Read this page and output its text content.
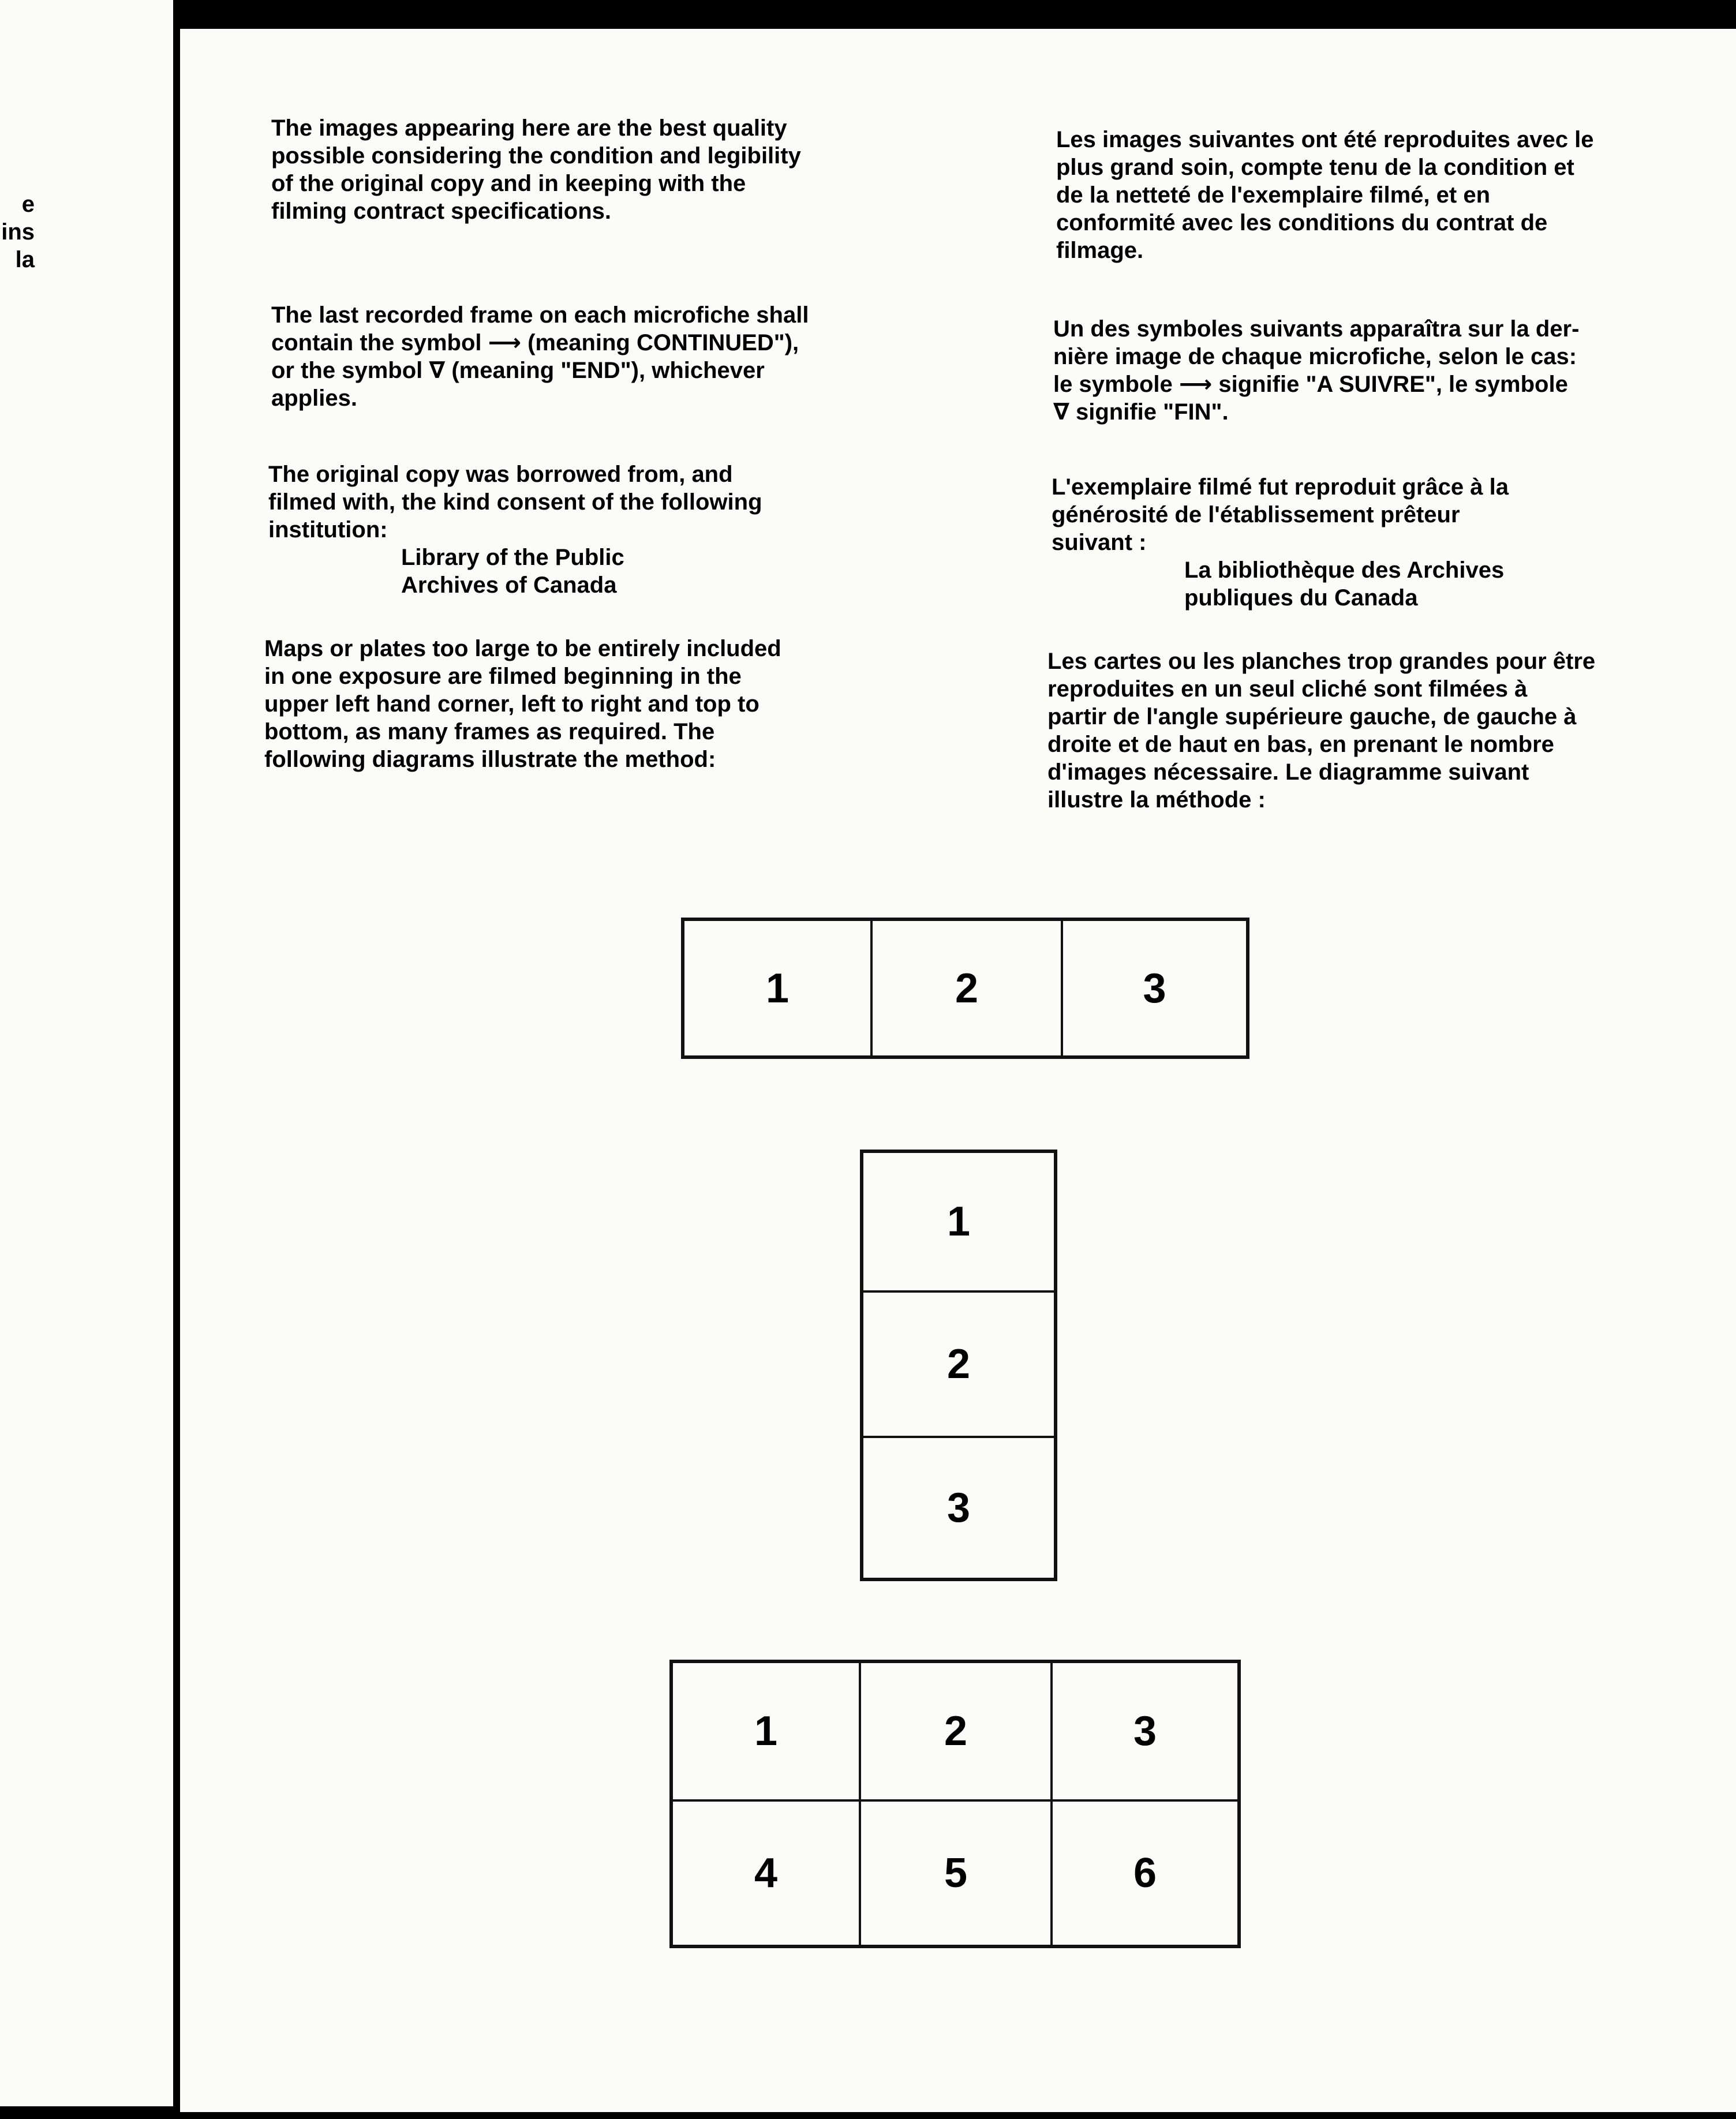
e
ins
la

The images appearing here are the best quality
possible considering the condition and legibility
of the original copy and in keeping with the
filming contract specifications.

The last recorded frame on each microfiche shall
contain the symbol ⟶ (meaning CONTINUED"),
or the symbol ∇ (meaning "END"), whichever
applies.

The original copy was borrowed from, and
filmed with, the kind consent of the following
institution:
Library of the Public
Archives of Canada

Maps or plates too large to be entirely included
in one exposure are filmed beginning in the
upper left hand corner, left to right and top to
bottom, as many frames as required. The
following diagrams illustrate the method:

Les images suivantes ont été reproduites avec le
plus grand soin, compte tenu de la condition et
de la netteté de l'exemplaire filmé, et en
conformité avec les conditions du contrat de
filmage.

Un des symboles suivants apparaîtra sur la der-
nière image de chaque microfiche, selon le cas:
le symbole ⟶ signifie "A SUIVRE", le symbole
∇ signifie "FIN".

L'exemplaire filmé fut reproduit grâce à la
générosité de l'établissement prêteur
suivant :
La bibliothèque des Archives
publiques du Canada

Les cartes ou les planches trop grandes pour être
reproduites en un seul cliché sont filmées à
partir de l'angle supérieure gauche, de gauche à
droite et de haut en bas, en prenant le nombre
d'images nécessaire. Le diagramme suivant
illustre la méthode :

1	2	3
1
2
3
1	2	3
4	5	6
